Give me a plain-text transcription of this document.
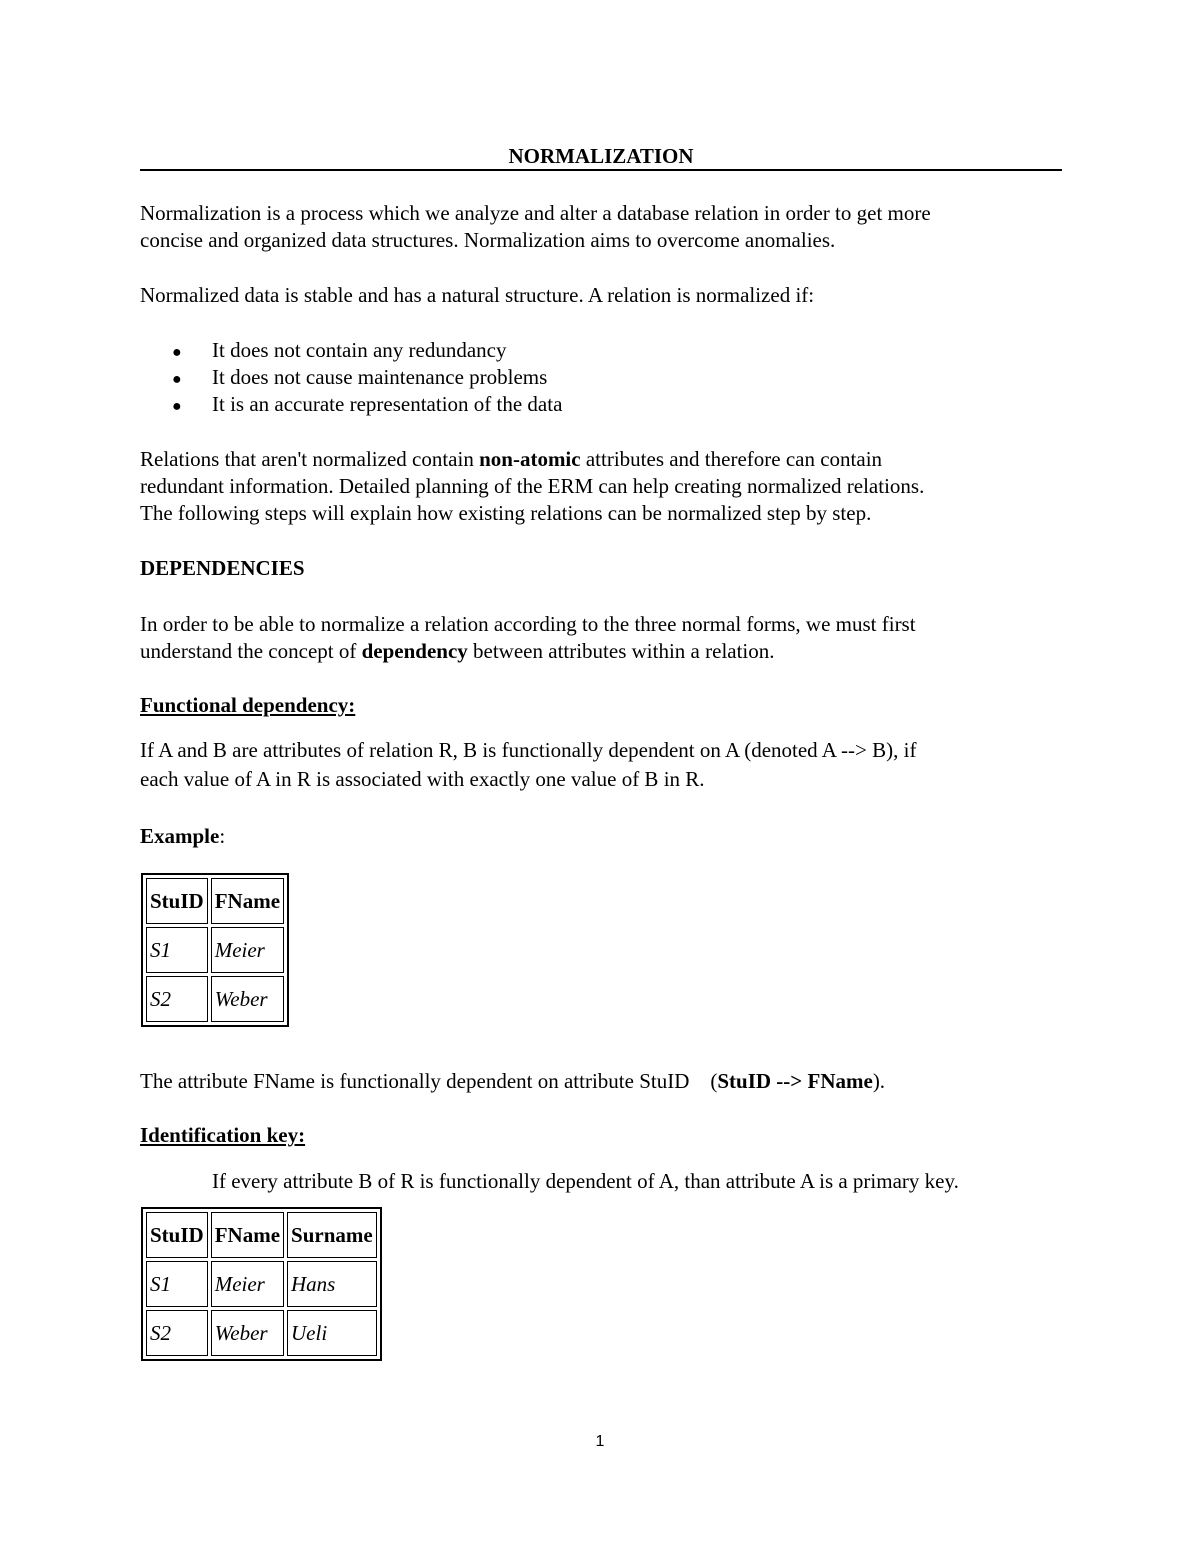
NORMALIZATION
Normalization is a process which we analyze and alter a database relation in order to get more
concise and organized data structures. Normalization aims to overcome anomalies.
Normalized data is stable and has a natural structure. A relation is normalized if:
● It does not contain any redundancy
● It does not cause maintenance problems
● It is an accurate representation of the data
Relations that aren't normalized contain non-atomic attributes and therefore can contain
redundant information. Detailed planning of the ERM can help creating normalized relations.
The following steps will explain how existing relations can be normalized step by step.
DEPENDENCIES
In order to be able to normalize a relation according to the three normal forms, we must first
understand the concept of dependency between attributes within a relation.
Functional dependency:
If A and B are attributes of relation R, B is functionally dependent on A (denoted A --> B), if
each value of A in R is associated with exactly one value of B in R.
Example:
StuID	FName
S1	Meier
S2	Weber
The attribute FName is functionally dependent on attribute StuID    (StuID --> FName).
Identification key:
If every attribute B of R is functionally dependent of A, than attribute A is a primary key.
StuID	FName	Surname
S1	Meier	Hans
S2	Weber	Ueli
1
